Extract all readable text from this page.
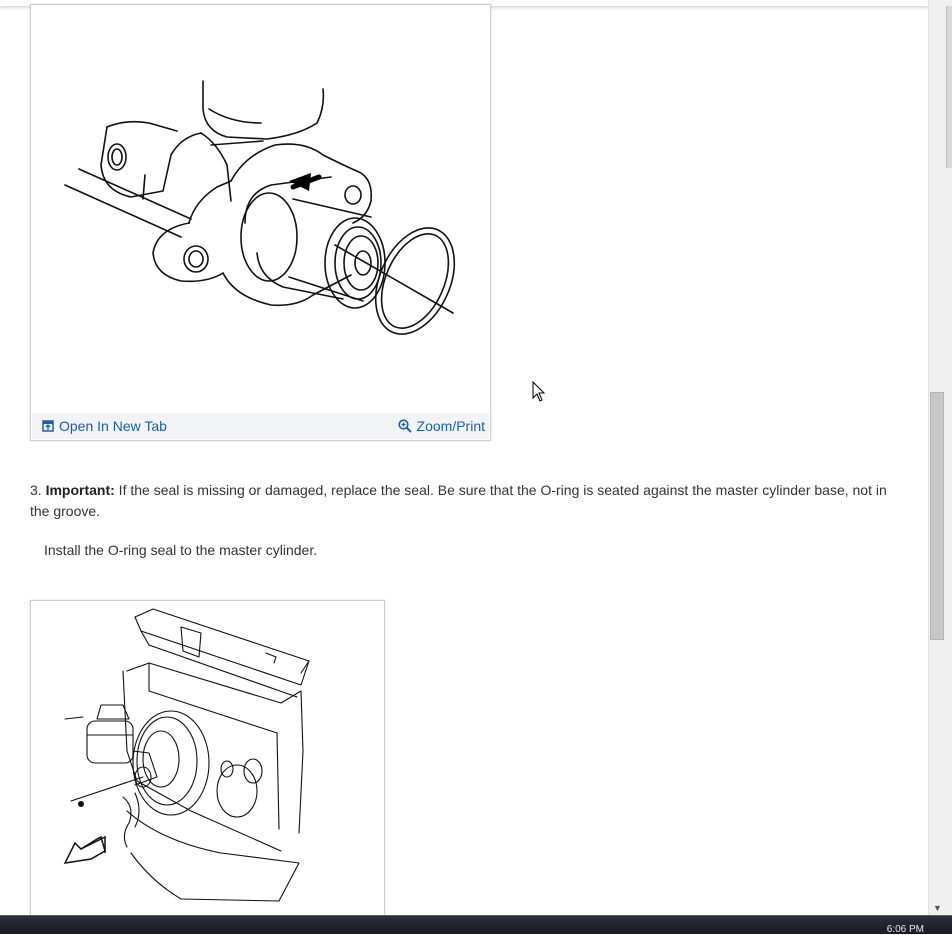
Open In New Tab	Zoom/Print
3. Important: If the seal is missing or damaged, replace the seal. Be sure that the O-ring is seated against the master cylinder base, not in the groove.
Install the O-ring seal to the master cylinder.
▼
6:06 PM
